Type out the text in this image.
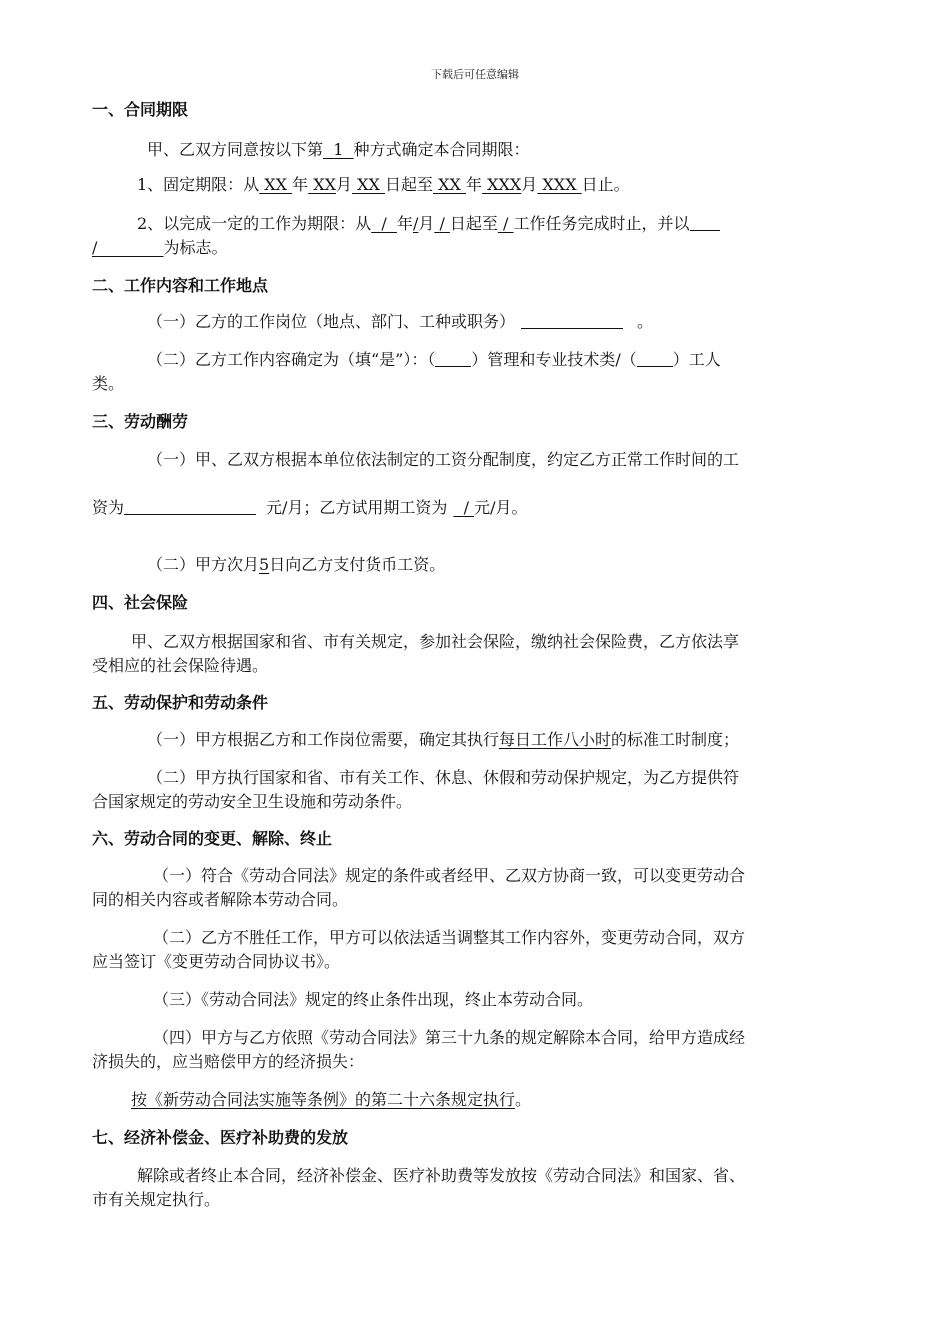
下载后可任意编辑
一、合同期限
甲、乙双方同意按以下第 1 种方式确定本合同期限：
1、固定期限：从 XX 年 XX月 XX 日起至 XX 年 XXX月 XXX 日止。
2、以完成一定的工作为期限：从 / 年/月 / 日起至 / 工作任务完成时止，并以
/	为标志。
二、工作内容和工作地点
（一）乙方的工作岗位（地点、部门、工种或职务）	。
（二）乙方工作内容确定为（填“是”）：（ ）管理和专业技术类/（ ）工人
类。
三、劳动酬劳
（一）甲、乙双方根据本单位依法制定的工资分配制度，约定乙方正常工作时间的工
资为	元/月；乙方试用期工资为 / 元/月。
（二）甲方次月5日向乙方支付货币工资。
四、社会保险
甲、乙双方根据国家和省、市有关规定，参加社会保险，缴纳社会保险费，乙方依法享
受相应的社会保险待遇。
五、劳动保护和劳动条件
（一）甲方根据乙方和工作岗位需要，确定其执行每日工作八小时的标准工时制度；
（二）甲方执行国家和省、市有关工作、休息、休假和劳动保护规定，为乙方提供符
合国家规定的劳动安全卫生设施和劳动条件。
六、劳动合同的变更、解除、终止
（一）符合《劳动合同法》规定的条件或者经甲、乙双方协商一致，可以变更劳动合
同的相关内容或者解除本劳动合同。
（二）乙方不胜任工作，甲方可以依法适当调整其工作内容外，变更劳动合同，双方
应当签订《变更劳动合同协议书》。
（三）《劳动合同法》规定的终止条件出现，终止本劳动合同。
（四）甲方与乙方依照《劳动合同法》第三十九条的规定解除本合同，给甲方造成经
济损失的，应当赔偿甲方的经济损失：
按《新劳动合同法实施等条例》的第二十六条规定执行。
七、经济补偿金、医疗补助费的发放
解除或者终止本合同，经济补偿金、医疗补助费等发放按《劳动合同法》和国家、省、
市有关规定执行。
